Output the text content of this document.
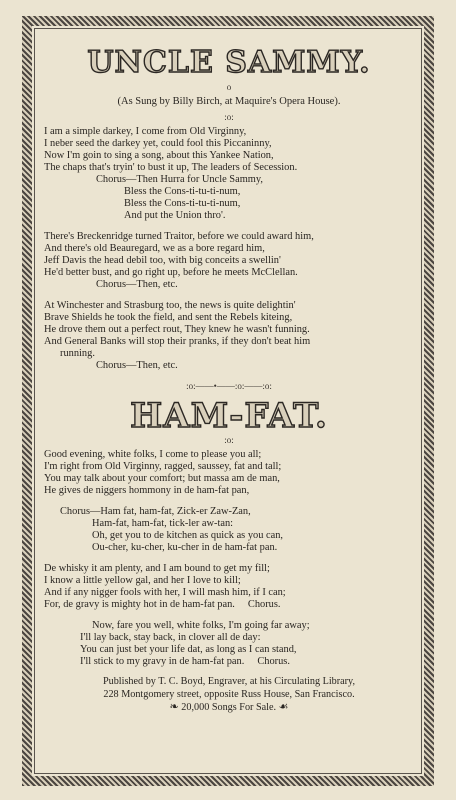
UNCLE SAMMY.
o
(As Sung by Billy Birch, at Maquire's Opera House).
:o:
I am a simple darkey, I come from Old Virginny,
I neber seed the darkey yet, could fool this Piccaninny,
Now I'm goin to sing a song, about this Yankee Nation,
The chaps that's tryin' to bust it up, The leaders of Secession.
Chorus—Then Hurra for Uncle Sammy,
Bless the Cons-ti-tu-ti-num,
Bless the Cons-ti-tu-ti-num,
And put the Union thro'.
There's Breckenridge turned Traitor, before we could award him,
And there's old Beauregard, we as a bore regard him,
Jeff Davis the head debil too, with big conceits a swellin'
He'd better bust, and go right up, before he meets McClellan.
Chorus—Then, etc.
At Winchester and Strasburg too, the news is quite delightin'
Brave Shields he took the field, and sent the Rebels kiteing,
He drove them out a perfect rout, They knew he wasn't funning.
And General Banks will stop their pranks, if they don't beat him
running.
Chorus—Then, etc.
:o:——•——:o:——:o:
HAM-FAT.
:o:
Good evening, white folks, I come to please you all;
I'm right from Old Virginny, ragged, saussey, fat and tall;
You may talk about your comfort; but massa am de man,
He gives de niggers hommony in de ham-fat pan,
Chorus—Ham fat, ham-fat, Zick-er Zaw-Zan,
Ham-fat, ham-fat, tick-ler aw-tan:
Oh, get you to de kitchen as quick as you can,
Ou-cher, ku-cher, ku-cher in de ham-fat pan.
De whisky it am plenty, and I am bound to get my fill;
I know a little yellow gal, and her I love to kill;
And if any nigger fools with her, I will mash him, if I can;
For, de gravy is mighty hot in de ham-fat pan.     Chorus.
Now, fare you well, white folks, I'm going far away;
I'll lay back, stay back, in clover all de day:
You can just bet your life dat, as long as I can stand,
I'll stick to my gravy in de ham-fat pan.     Chorus.
Published by T. C. Boyd, Engraver, at his Circulating Library,
228 Montgomery street, opposite Russ House, San Francisco.
❧ 20,000 Songs For Sale. ☙
